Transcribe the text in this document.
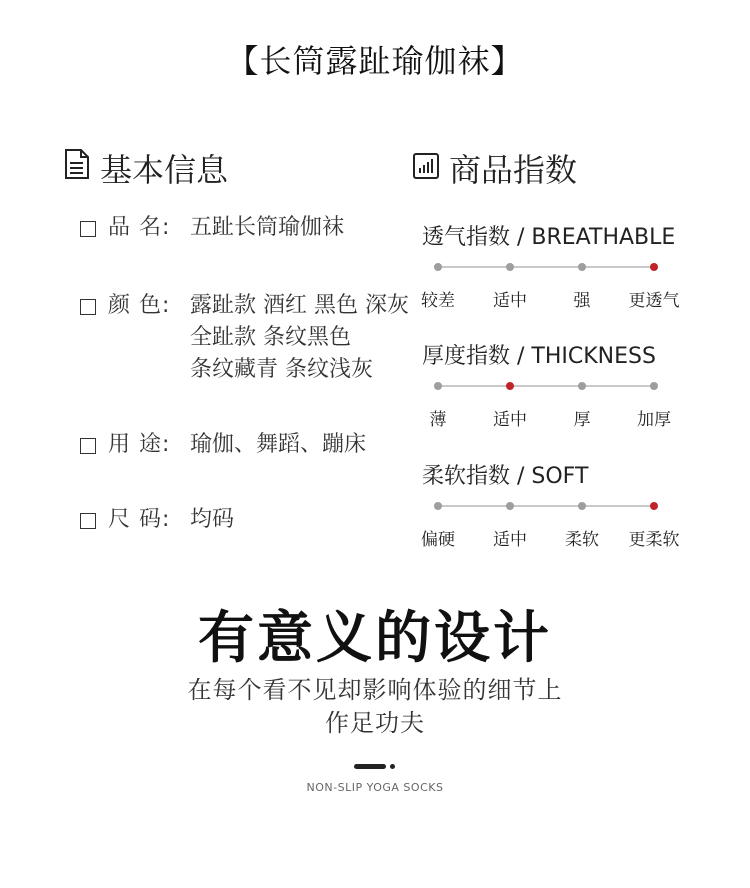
【长筒露趾瑜伽袜】
基本信息
品 名: 五趾长筒瑜伽袜
颜 色: 露趾款 酒红 黑色 深灰
全趾款 条纹黑色
条纹藏青 条纹浅灰
用 途: 瑜伽、舞蹈、蹦床
尺 码: 均码
商品指数
透气指数 / BREATHABLE
较差 适中	强 更透气
厚度指数 / THICKNESS
薄	适中	厚	加厚
柔软指数 / SOFT
偏硬 适中 柔软 更柔软
有意义的设计
在每个看不见却影响体验的细节上
作足功夫
NON-SLIP YOGA SOCKS
